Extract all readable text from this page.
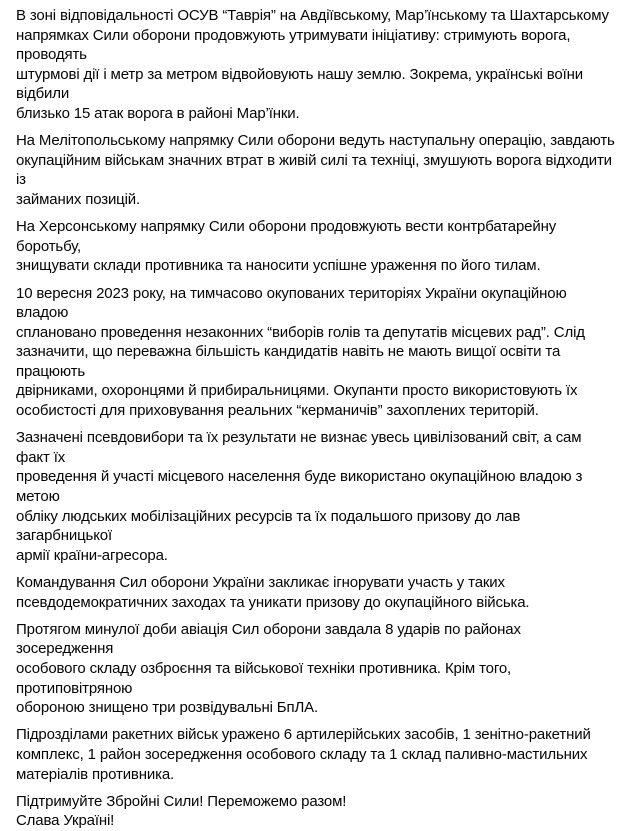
В зоні відповідальності ОСУВ “Таврія” на Авдіївському, Мар’їнському та Шахтарському
напрямках Сили оборони продовжують утримувати ініціативу: стримують ворога, проводять
штурмові дії і метр за метром відвойовують нашу землю. Зокрема, українські воїни відбили
близько 15 атак ворога в районі Мар’їнки.

На Мелітопольському напрямку Сили оборони ведуть наступальну операцію, завдають
окупаційним військам значних втрат в живій силі та техніці, змушують ворога відходити із
займаних позицій.

На Херсонському напрямку Сили оборони продовжують вести контрбатарейну боротьбу,
знищувати склади противника та наносити успішне ураження по його тилам.

10 вересня 2023 року, на тимчасово окупованих територіях України окупаційною владою
сплановано проведення незаконних “виборів голів та депутатів місцевих рад”. Слід
зазначити, що переважна більшість кандидатів навіть не мають вищої освіти та працюють
двірниками, охоронцями й прибиральницями. Окупанти просто використовують їх
особистості для приховування реальних “керманичів” захоплених територій.

Зазначені псевдовибори та їх результати не визнає увесь цивілізований світ, а сам факт їх
проведення й участі місцевого населення буде використано окупаційною владою з метою
обліку людських мобілізаційних ресурсів та їх подальшого призову до лав загарбницької
армії країни-агресора.

Командування Сил оборони України закликає ігнорувати участь у таких
псевдодемократичних заходах та уникати призову до окупаційного війська.

Протягом минулої доби авіація Сил оборони завдала 8 ударів по районах зосередження
особового складу озброєння та військової техніки противника. Крім того, протиповітряною
обороною знищено три розвідувальні БпЛА.

Підрозділами ракетних військ уражено 6 артилерійських засобів, 1 зенітно-ракетний
комплекс, 1 район зосередження особового складу та 1 склад паливно-мастильних
матеріалів противника.

Підтримуйте Збройні Сили! Переможемо разом!
Слава Україні!
